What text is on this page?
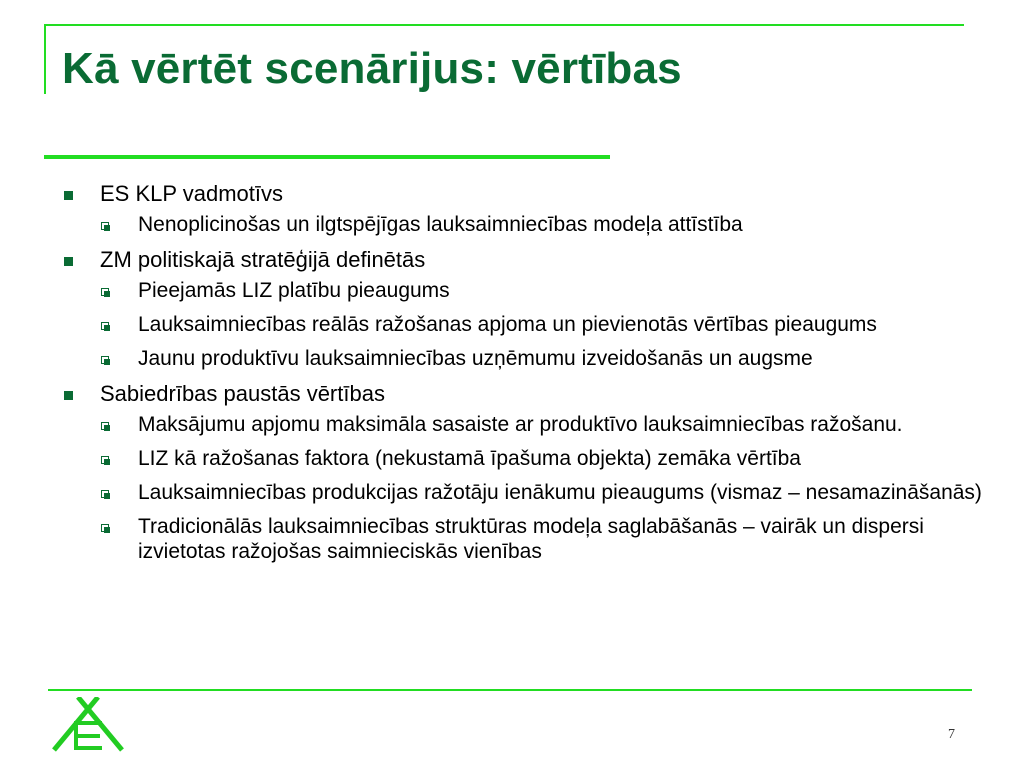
Kā vērtēt scenārijus: vērtības
ES KLP vadmotīvs
Nenoplicinošas un ilgtspējīgas lauksaimniecības modeļa attīstība
ZM politiskajā stratēģijā definētās
Pieejamās LIZ platību pieaugums
Lauksaimniecības reālās ražošanas apjoma un pievienotās vērtības pieaugums
Jaunu produktīvu lauksaimniecības uzņēmumu izveidošanās un augsme
Sabiedrības paustās vērtības
Maksājumu apjomu maksimāla sasaiste ar produktīvo lauksaimniecības ražošanu.
LIZ kā ražošanas faktora (nekustamā īpašuma objekta) zemāka vērtība
Lauksaimniecības produkcijas ražotāju ienākumu pieaugums (vismaz – nesamazināšanās)
Tradicionālās lauksaimniecības struktūras modeļa saglabāšanās – vairāk un dispersi izvietotas ražojošas saimnieciskās vienības
7
